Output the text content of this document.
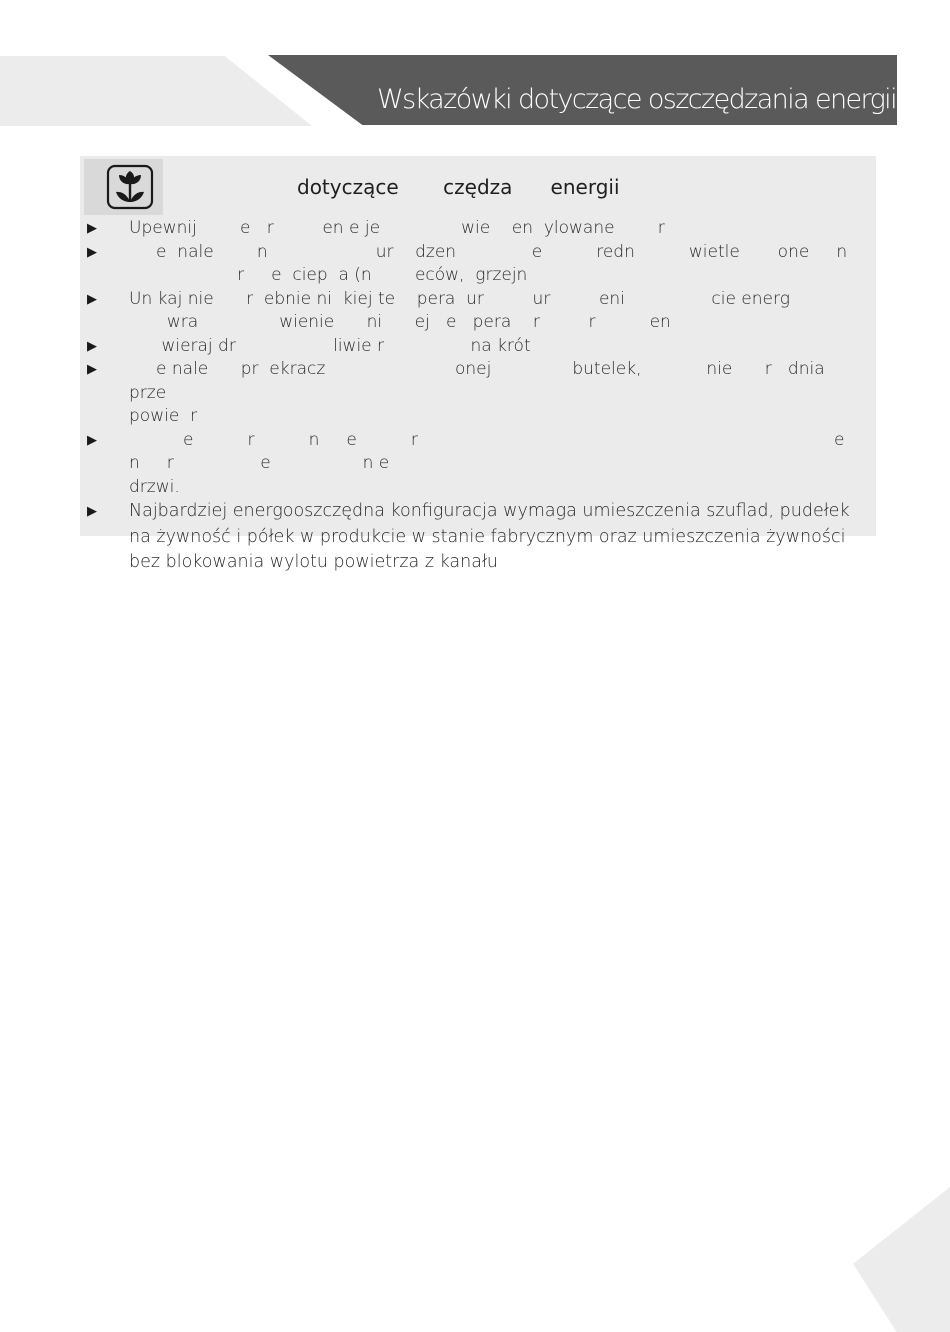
Wskazówki dotyczące oszczędzania energii
dotyczące       czędza      energii
▶ Upewnij        e   r         en e je               wie    en  ylowane        r
▶	e  nale        n                    ur    dzen              e          redn          wietle       one     n
r     e  ciep  a (n        eców,  grzejn
▶ Un kaj nie      r  ebnie ni  kiej te    pera  ur         ur         eni                cie energ
wra               wienie      ni      ej   e   pera    r         r          en
▶ wieraj dr                  liwie r                na krót
▶	e nale      pr  ekracz                        onej               butelek,            nie      r   dnia    prze
powie  r
▶	e          r          n     e          r                                                                             e     n     r                e                 n e
drzwi.
▶ Najbardziej energooszczędna konfiguracja wymaga umieszczenia szuflad, pudełek na żywność i półek w produkcie w stanie fabrycznym oraz umieszczenia żywności bez blokowania wylotu powietrza z kanału
